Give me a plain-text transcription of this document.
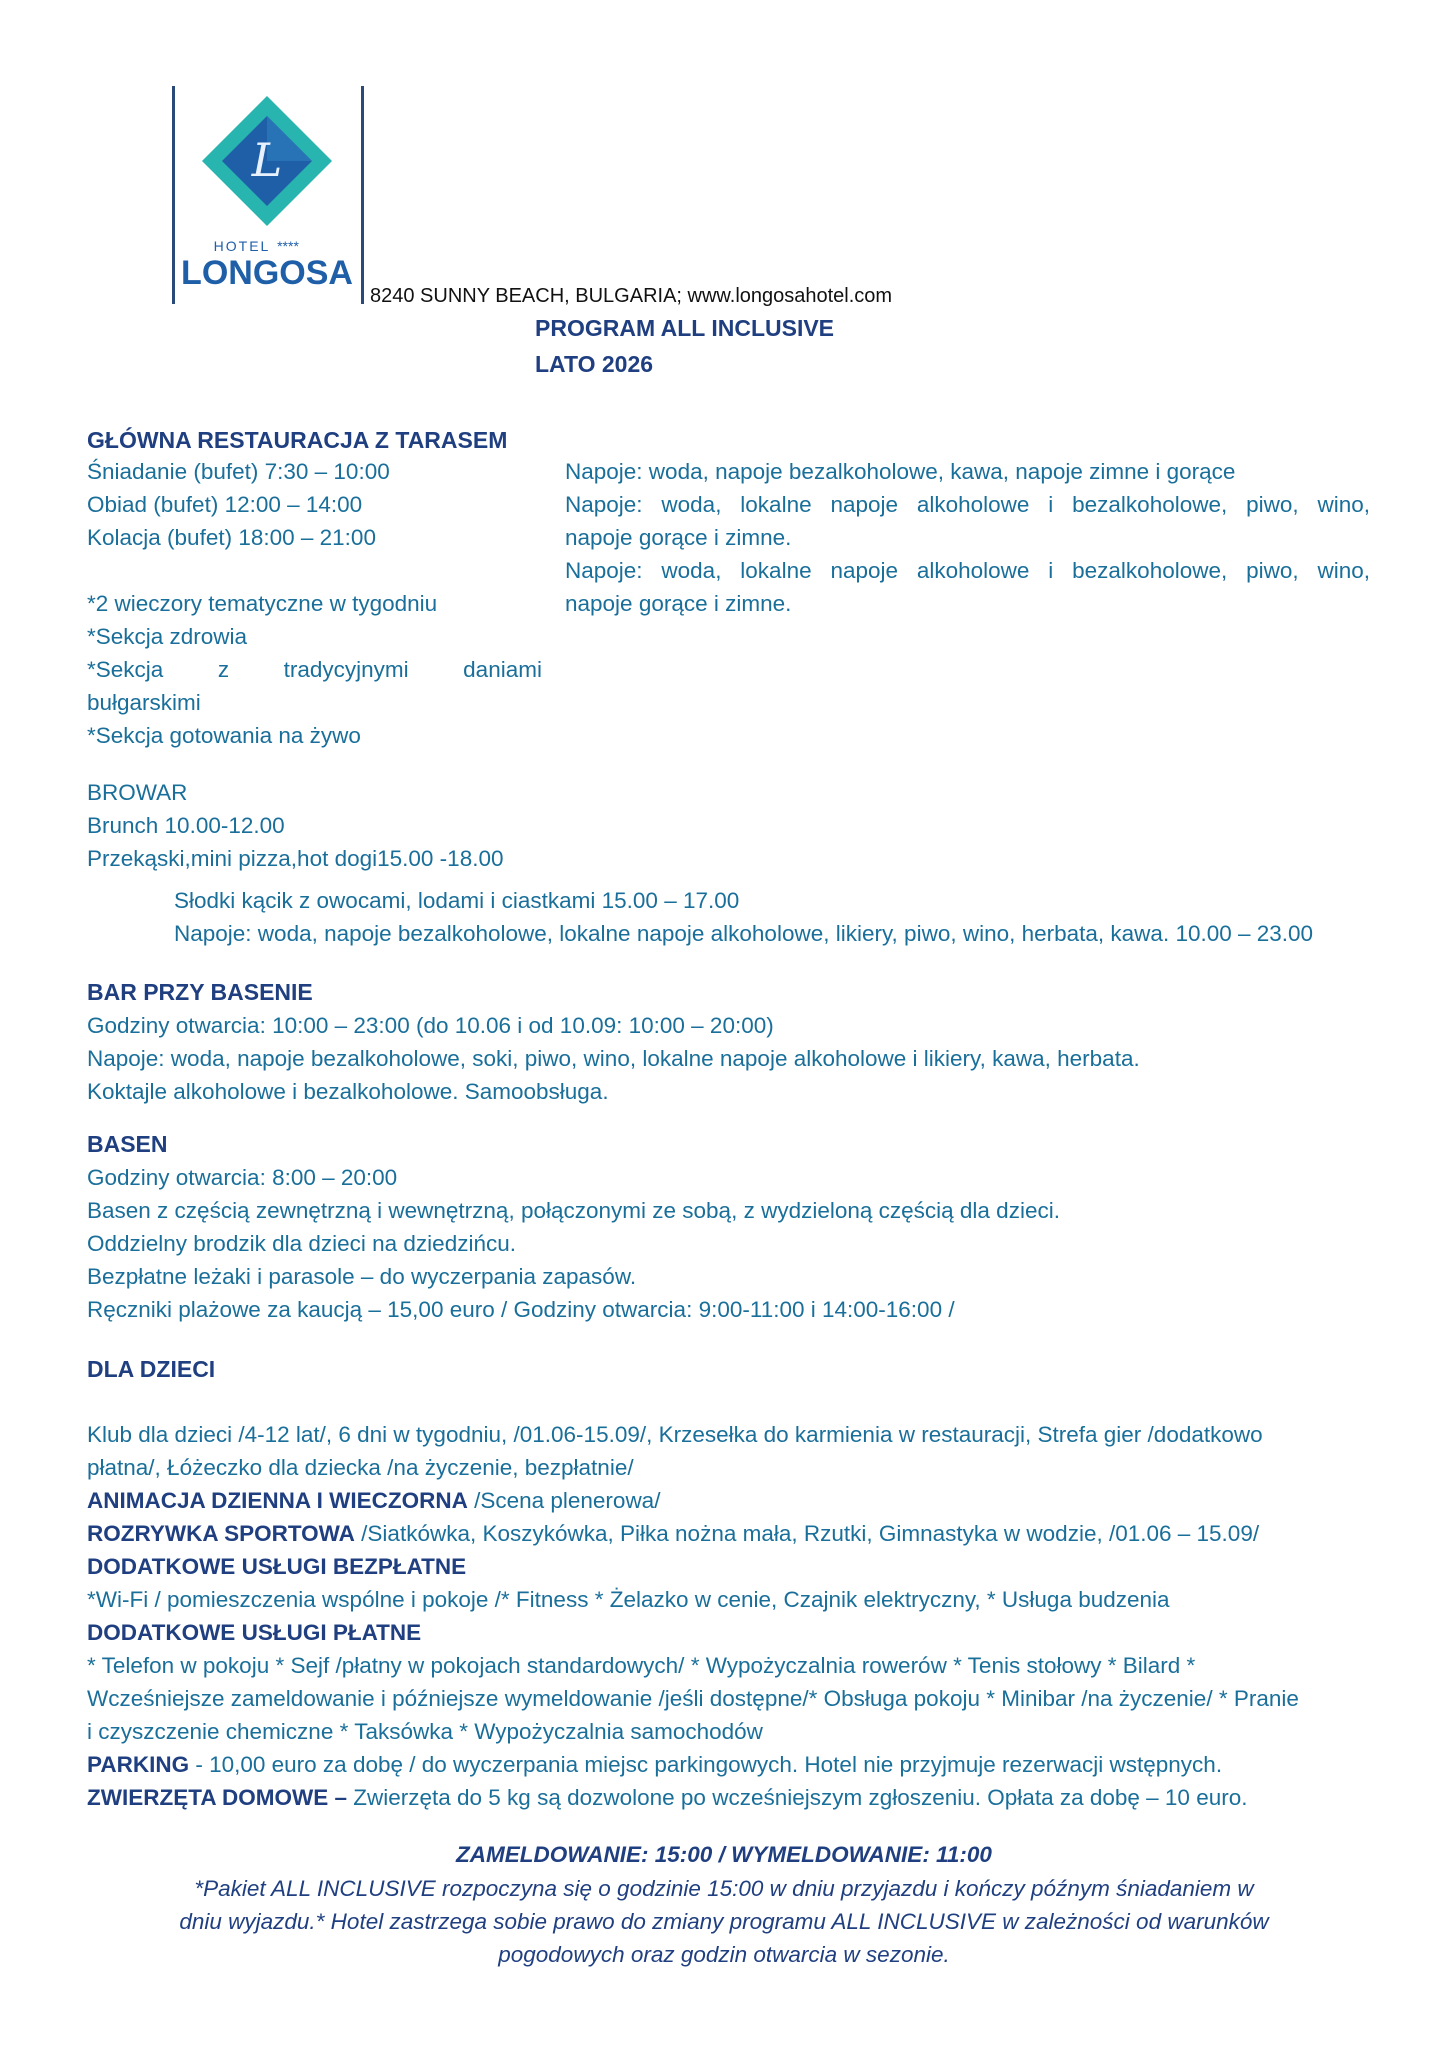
L
HOTEL ****
LONGOSA
8240 SUNNY BEACH, BULGARIA; www.longosahotel.com
PROGRAM ALL INCLUSIVE
LATO 2026
GŁÓWNA RESTAURACJA Z TARASEM
Śniadanie (bufet) 7:30 – 10:00
Obiad (bufet) 12:00 – 14:00
Kolacja (bufet) 18:00 – 21:00
Napoje: woda, napoje bezalkoholowe, kawa, napoje zimne i gorące
Napoje: woda, lokalne napoje alkoholowe i bezalkoholowe, piwo, wino,
napoje gorące i zimne.
Napoje: woda, lokalne napoje alkoholowe i bezalkoholowe, piwo, wino,
napoje gorące i zimne.
*2 wieczory tematyczne w tygodniu
*Sekcja zdrowia
*Sekcja z tradycyjnymi daniami
bułgarskimi
*Sekcja gotowania na żywo
BROWAR
Brunch 10.00-12.00
Przekąski,mini pizza,hot dogi15.00 -18.00
Słodki kącik z owocami, lodami i ciastkami 15.00 – 17.00
Napoje: woda, napoje bezalkoholowe, lokalne napoje alkoholowe, likiery, piwo, wino, herbata, kawa. 10.00 – 23.00
BAR PRZY BASENIE
Godziny otwarcia: 10:00 – 23:00 (do 10.06 i od 10.09: 10:00 – 20:00)
Napoje: woda, napoje bezalkoholowe, soki, piwo, wino, lokalne napoje alkoholowe i likiery, kawa, herbata.
Koktajle alkoholowe i bezalkoholowe. Samoobsługa.
BASEN
Godziny otwarcia: 8:00 – 20:00
Basen z częścią zewnętrzną i wewnętrzną, połączonymi ze sobą, z wydzieloną częścią dla dzieci.
Oddzielny brodzik dla dzieci na dziedzińcu.
Bezpłatne leżaki i parasole – do wyczerpania zapasów.
Ręczniki plażowe za kaucją – 15,00 euro / Godziny otwarcia: 9:00-11:00 i 14:00-16:00 /
DLA DZIECI
Klub dla dzieci /4-12 lat/, 6 dni w tygodniu, /01.06-15.09/, Krzesełka do karmienia w restauracji, Strefa gier /dodatkowo
płatna/, Łóżeczko dla dziecka /na życzenie, bezpłatnie/
ANIMACJA DZIENNA I WIECZORNA /Scena plenerowa/
ROZRYWKA SPORTOWA /Siatkówka, Koszykówka, Piłka nożna mała, Rzutki, Gimnastyka w wodzie, /01.06 – 15.09/
DODATKOWE USŁUGI BEZPŁATNE
*Wi-Fi / pomieszczenia wspólne i pokoje /* Fitness * Żelazko w cenie, Czajnik elektryczny, * Usługa budzenia
DODATKOWE USŁUGI PŁATNE
* Telefon w pokoju * Sejf /płatny w pokojach standardowych/ * Wypożyczalnia rowerów * Tenis stołowy * Bilard *
Wcześniejsze zameldowanie i późniejsze wymeldowanie /jeśli dostępne/* Obsługa pokoju * Minibar /na życzenie/ * Pranie
i czyszczenie chemiczne * Taksówka * Wypożyczalnia samochodów
PARKING - 10,00 euro za dobę / do wyczerpania miejsc parkingowych. Hotel nie przyjmuje rezerwacji wstępnych.
ZWIERZĘTA DOMOWE – Zwierzęta do 5 kg są dozwolone po wcześniejszym zgłoszeniu. Opłata za dobę – 10 euro.
ZAMELDOWANIE: 15:00 / WYMELDOWANIE: 11:00
*Pakiet ALL INCLUSIVE rozpoczyna się o godzinie 15:00 w dniu przyjazdu i kończy późnym śniadaniem w
dniu wyjazdu.* Hotel zastrzega sobie prawo do zmiany programu ALL INCLUSIVE w zależności od warunków
pogodowych oraz godzin otwarcia w sezonie.
